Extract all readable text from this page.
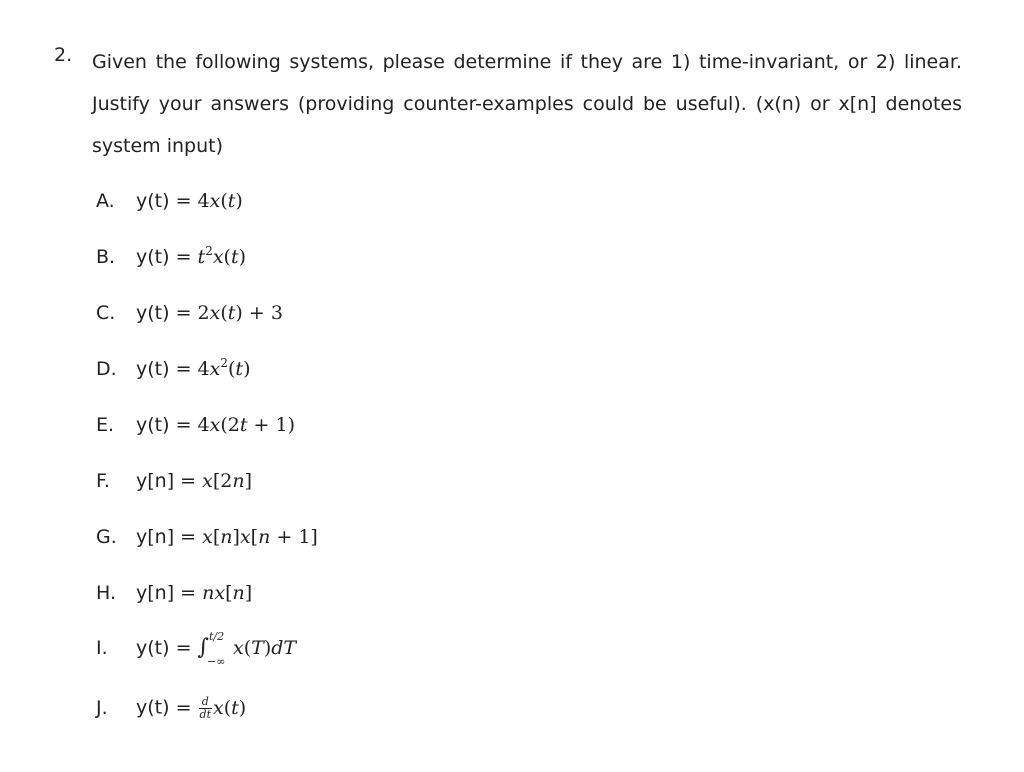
2. Given the following systems, please determine if they are 1) time-invariant, or 2) linear. Justify your answers (providing counter-examples could be useful). (x(n) or x[n] denotes system input)
A. y(t) = 4x(t)
B. $y(t) = t^2x(t)$
C. y(t) = 2x(t) + 3
D. $y(t) = 4x^2(t)$
E. y(t) = 4x(2t + 1)
F. y[n] = x[2n]
G. y[n] = x[n]x[n + 1]
H. y[n] = nx[n]
I. y(t) = ∫ t/2
−∞
x(T)dT
J. $y(t) = \frac{d}{dt} x(t)$
